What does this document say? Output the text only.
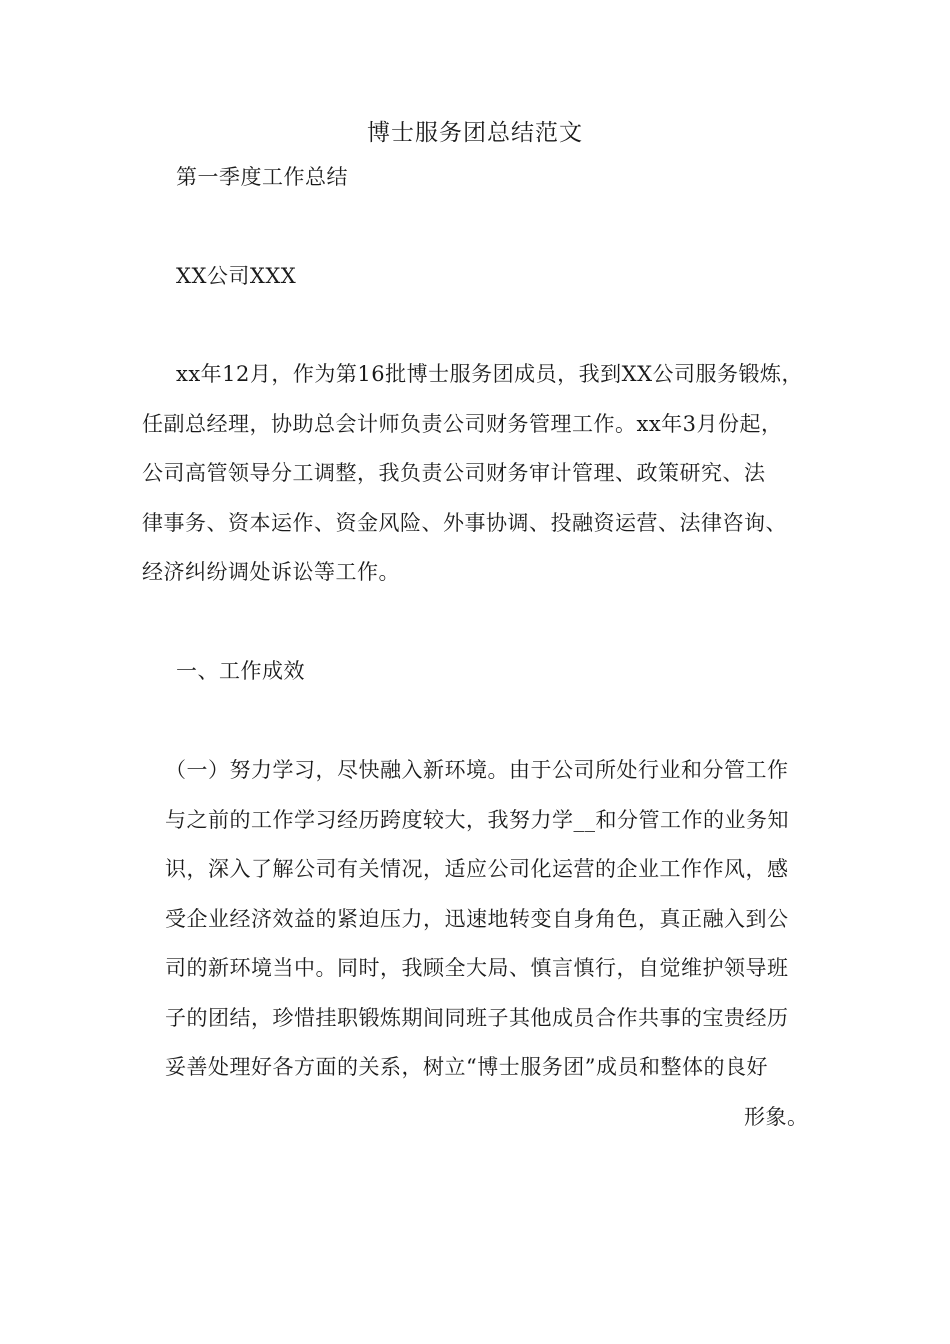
博士服务团总结范文
第一季度工作总结
XX公司XXX
xx年12月，作为第16批博士服务团成员，我到XX公司服务锻炼，
任副总经理，协助总会计师负责公司财务管理工作。xx年3月份起，
公司高管领导分工调整，我负责公司财务审计管理、政策研究、法
律事务、资本运作、资金风险、外事协调、投融资运营、法律咨询、
经济纠纷调处诉讼等工作。
一、工作成效
（一）努力学习，尽快融入新环境。由于公司所处行业和分管工作
与之前的工作学习经历跨度较大，我努力学__和分管工作的业务知
识，深入了解公司有关情况，适应公司化运营的企业工作作风，感
受企业经济效益的紧迫压力，迅速地转变自身角色，真正融入到公
司的新环境当中。同时，我顾全大局、慎言慎行，自觉维护领导班
子的团结，珍惜挂职锻炼期间同班子其他成员合作共事的宝贵经历
妥善处理好各方面的关系，树立“博士服务团”成员和整体的良好
形象。
